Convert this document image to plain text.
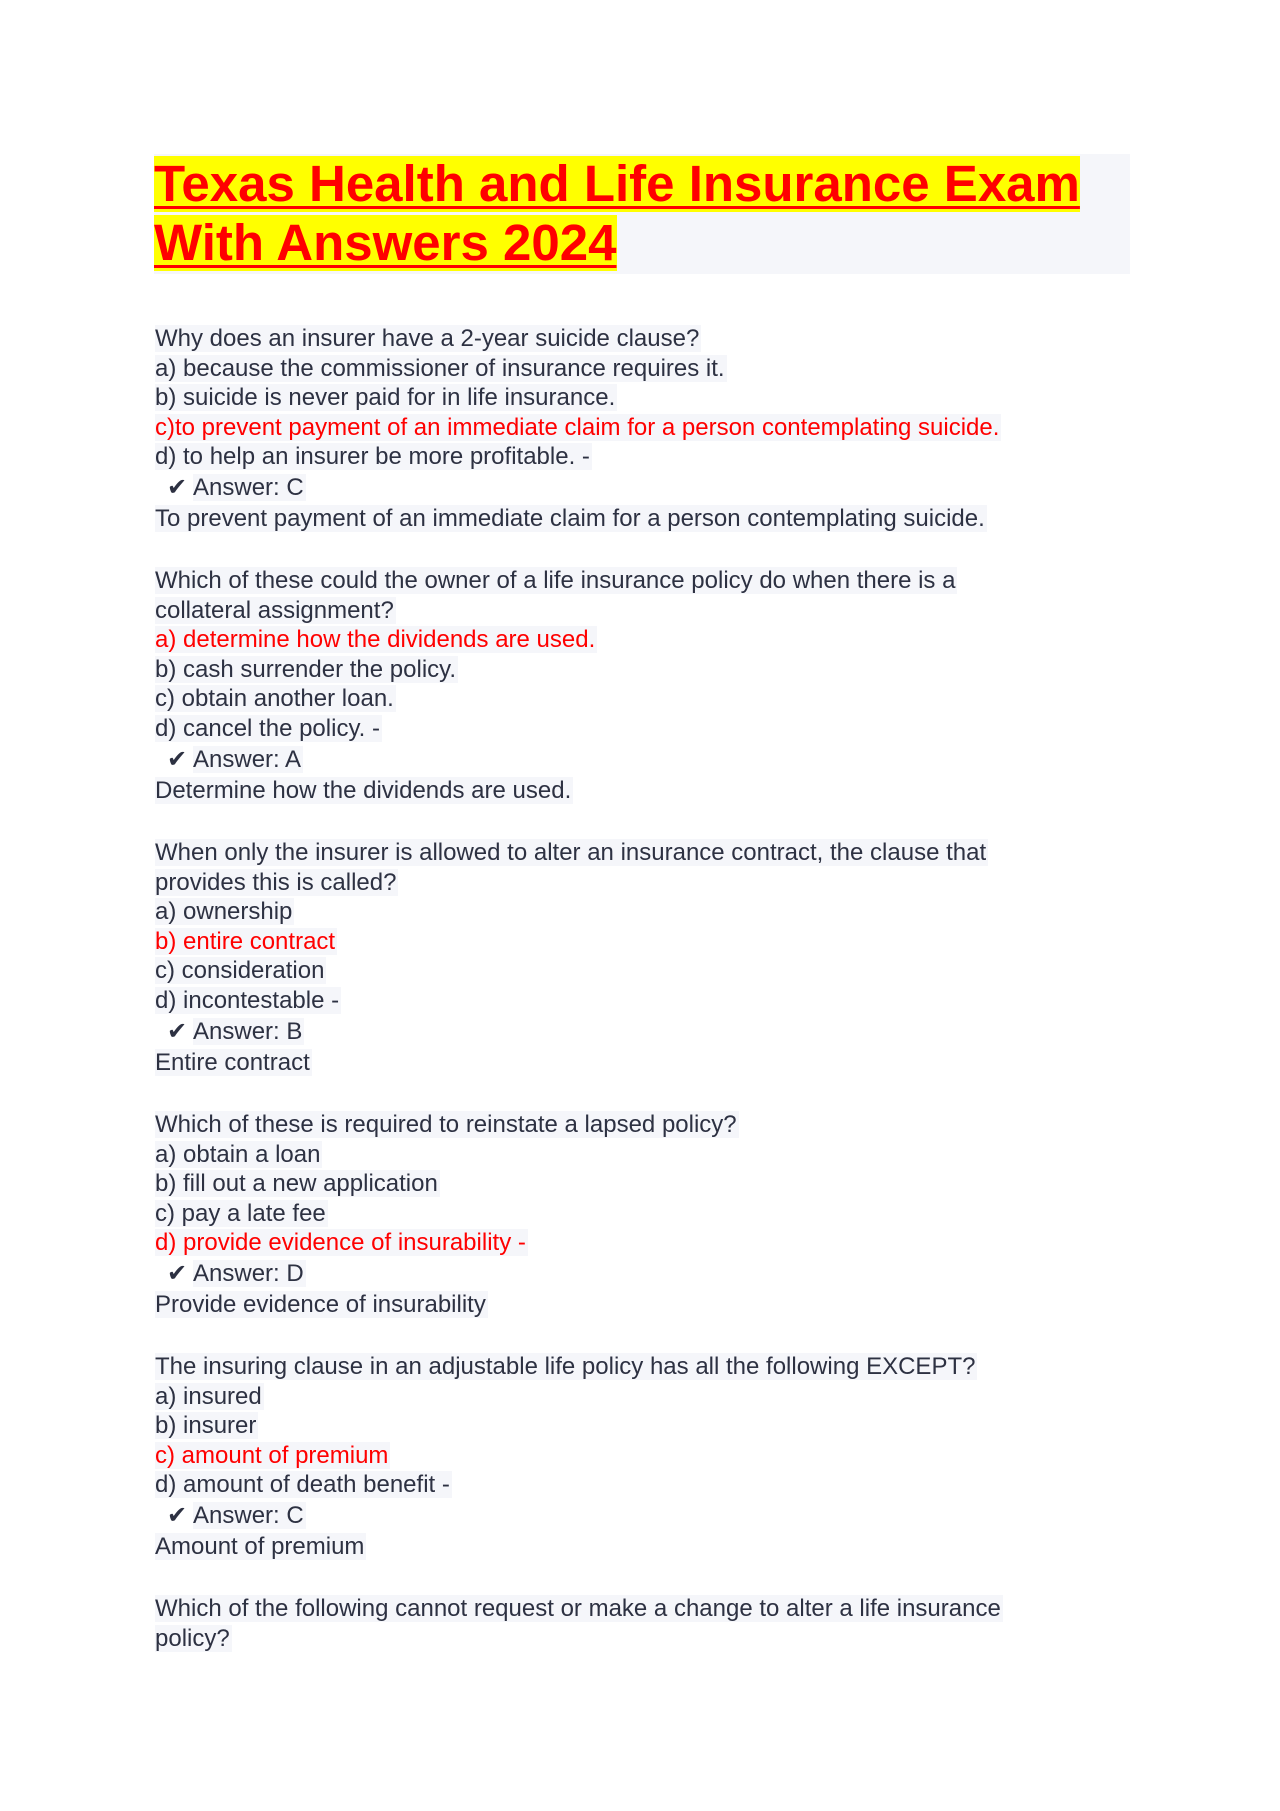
Texas Health and Life Insurance Exam
With Answers 2024
Why does an insurer have a 2-year suicide clause?
a) because the commissioner of insurance requires it.
b) suicide is never paid for in life insurance.
c)to prevent payment of an immediate claim for a person contemplating suicide.
d) to help an insurer be more profitable. -
✔ Answer: C
To prevent payment of an immediate claim for a person contemplating suicide.
Which of these could the owner of a life insurance policy do when there is a
collateral assignment?
a) determine how the dividends are used.
b) cash surrender the policy.
c) obtain another loan.
d) cancel the policy. -
✔ Answer: A
Determine how the dividends are used.
When only the insurer is allowed to alter an insurance contract, the clause that
provides this is called?
a) ownership
b) entire contract
c) consideration
d) incontestable -
✔ Answer: B
Entire contract
Which of these is required to reinstate a lapsed policy?
a) obtain a loan
b) fill out a new application
c) pay a late fee
d) provide evidence of insurability -
✔ Answer: D
Provide evidence of insurability
The insuring clause in an adjustable life policy has all the following EXCEPT?
a) insured
b) insurer
c) amount of premium
d) amount of death benefit -
✔ Answer: C
Amount of premium
Which of the following cannot request or make a change to alter a life insurance
policy?
